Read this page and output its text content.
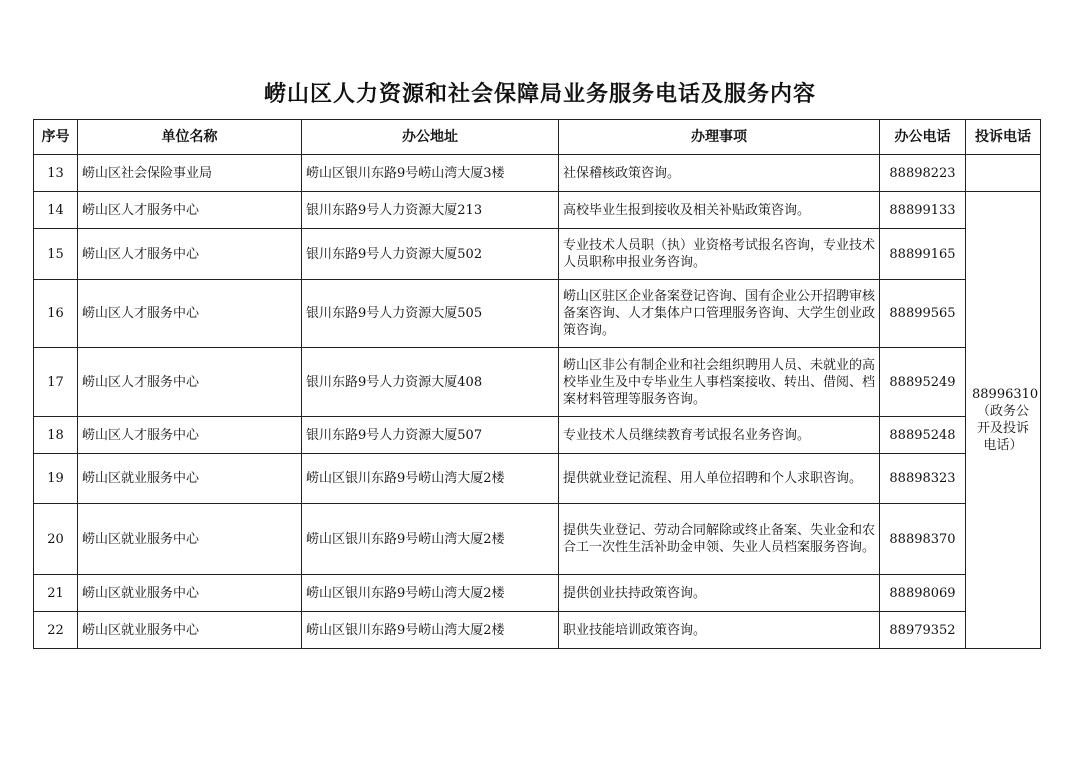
崂山区人力资源和社会保障局业务服务电话及服务内容
序号	单位名称	办公地址	办理事项	办公电话	投诉电话
13	崂山区社会保险事业局	崂山区银川东路9号崂山湾大厦3楼	社保稽核政策咨询。	88898223	
14	崂山区人才服务中心	银川东路9号人力资源大厦213	高校毕业生报到接收及相关补贴政策咨询。	88899133	88996310
（政务公
开及投诉
电话）

15	崂山区人才服务中心	银川东路9号人力资源大厦502	专业技术人员职（执）业资格考试报名咨询，专业技术人员职称申报业务咨询。	88899165	
16	崂山区人才服务中心	银川东路9号人力资源大厦505	崂山区驻区企业备案登记咨询、国有企业公开招聘审核备案咨询、人才集体户口管理服务咨询、大学生创业政策咨询。	88899565	
17	崂山区人才服务中心	银川东路9号人力资源大厦408	崂山区非公有制企业和社会组织聘用人员、未就业的高校毕业生及中专毕业生人事档案接收、转出、借阅、档案材料管理等服务咨询。	88895249	
18	崂山区人才服务中心	银川东路9号人力资源大厦507	专业技术人员继续教育考试报名业务咨询。	88895248	
19	崂山区就业服务中心	崂山区银川东路9号崂山湾大厦2楼	提供就业登记流程、用人单位招聘和个人求职咨询。	88898323	
20	崂山区就业服务中心	崂山区银川东路9号崂山湾大厦2楼	提供失业登记、劳动合同解除或终止备案、失业金和农合工一次性生活补助金申领、失业人员档案服务咨询。	88898370	
21	崂山区就业服务中心	崂山区银川东路9号崂山湾大厦2楼	提供创业扶持政策咨询。	88898069	
22	崂山区就业服务中心	崂山区银川东路9号崂山湾大厦2楼	职业技能培训政策咨询。	88979352	
